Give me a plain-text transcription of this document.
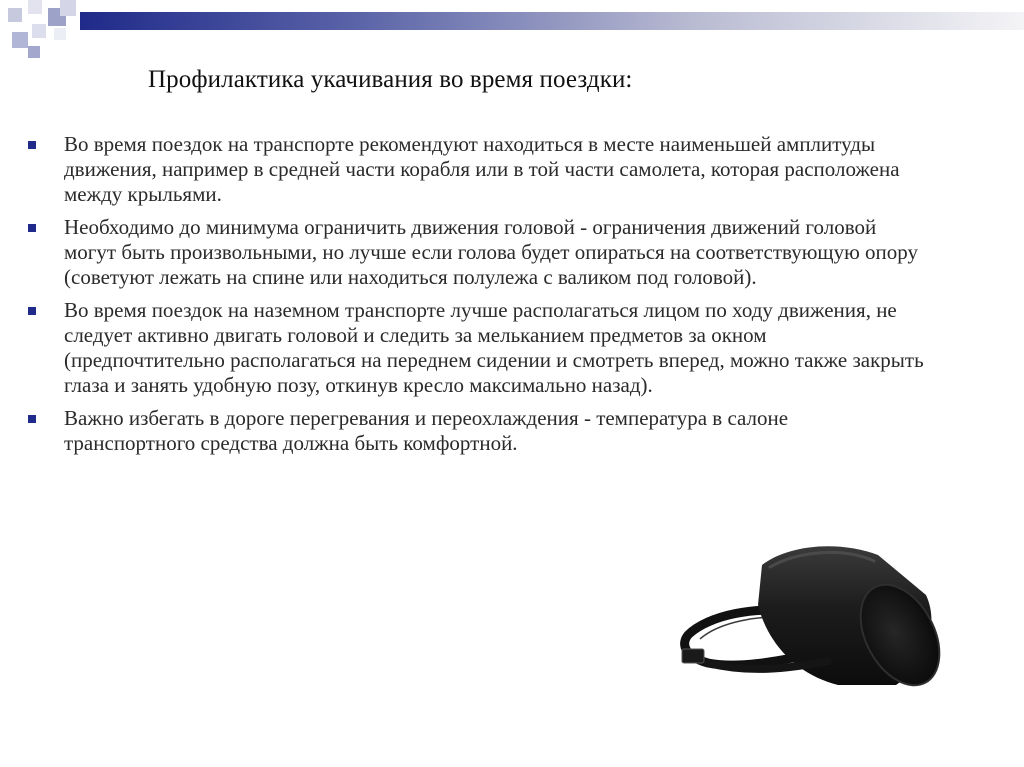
Профилактика укачивания во время поездки:
Во время поездок на транспорте рекомендуют находиться в месте наименьшей амплитуды движения, например в средней части корабля или в той части самолета, которая расположена между крыльями.
Необходимо до минимума ограничить движения головой - ограничения движений головой могут быть произвольными, но лучше если голова будет опираться на соответствующую опору (советуют лежать на спине или находиться полулежа с валиком под головой).
Во время поездок на наземном транспорте лучше располагаться лицом по ходу движения, не следует активно двигать головой и следить за мельканием предметов за окном (предпочтительно располагаться на переднем сидении и смотреть вперед, можно также закрыть глаза и занять удобную позу, откинув кресло максимально назад).
Важно избегать в дороге перегревания и переохлаждения - температура в салоне транспортного средства должна быть комфортной.
